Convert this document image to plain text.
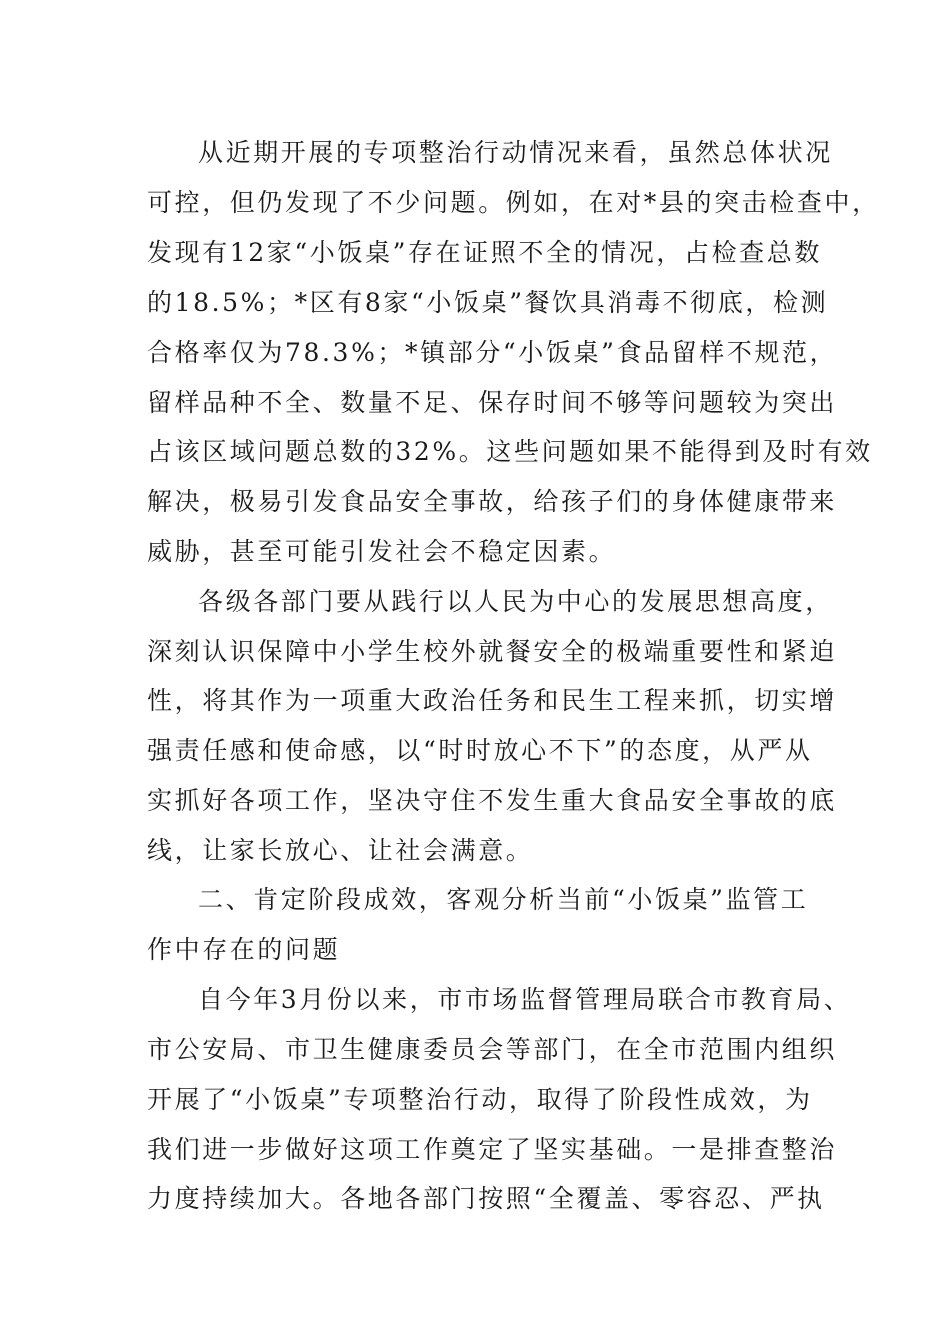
从近期开展的专项整治行动情况来看，虽然总体状况
可控，但仍发现了不少问题。例如，在对*县的突击检查中，
发现有12家“小饭桌”存在证照不全的情况，占检查总数
的18.5%；*区有8家“小饭桌”餐饮具消毒不彻底，检测
合格率仅为78.3%；*镇部分“小饭桌”食品留样不规范，
留样品种不全、数量不足、保存时间不够等问题较为突出
占该区域问题总数的32%。这些问题如果不能得到及时有效
解决，极易引发食品安全事故，给孩子们的身体健康带来
威胁，甚至可能引发社会不稳定因素。
各级各部门要从践行以人民为中心的发展思想高度，
深刻认识保障中小学生校外就餐安全的极端重要性和紧迫
性，将其作为一项重大政治任务和民生工程来抓，切实增
强责任感和使命感，以“时时放心不下”的态度，从严从
实抓好各项工作，坚决守住不发生重大食品安全事故的底
线，让家长放心、让社会满意。
二、肯定阶段成效，客观分析当前“小饭桌”监管工
作中存在的问题
自今年3月份以来，市市场监督管理局联合市教育局、
市公安局、市卫生健康委员会等部门，在全市范围内组织
开展了“小饭桌”专项整治行动，取得了阶段性成效，为
我们进一步做好这项工作奠定了坚实基础。一是排查整治
力度持续加大。各地各部门按照“全覆盖、零容忍、严执
